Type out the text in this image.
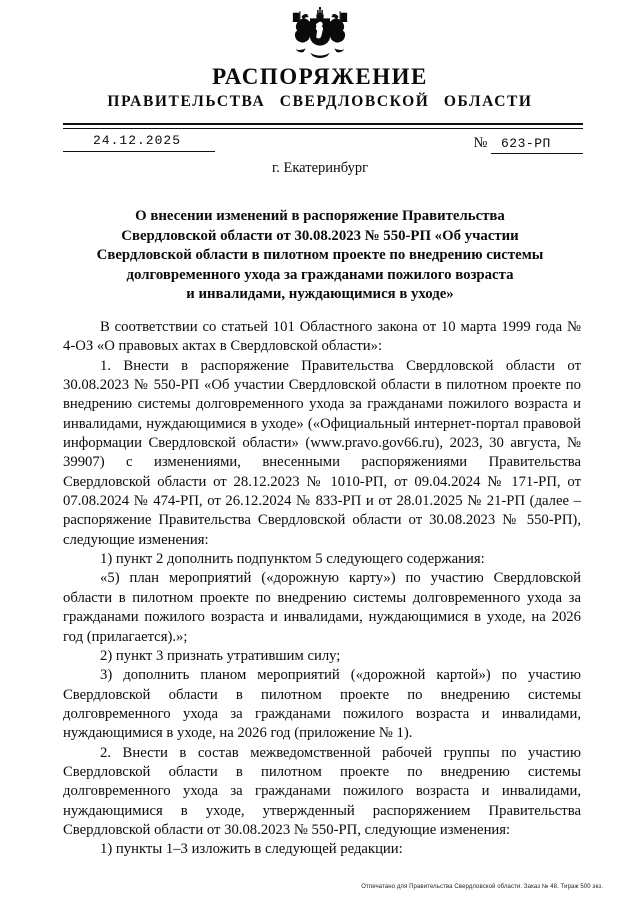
РАСПОРЯЖЕНИЕ
ПРАВИТЕЛЬСТВА СВЕРДЛОВСКОЙ ОБЛАСТИ
24.12.2025	№ 623-РП
г. Екатеринбург
О внесении изменений в распоряжение Правительства
Свердловской области от 30.08.2023 № 550-РП «Об участии
Свердловской области в пилотном проекте по внедрению системы
долговременного ухода за гражданами пожилого возраста
и инвалидами, нуждающимися в уходе»

В соответствии со статьей 101 Областного закона от 10 марта 1999 года № 4-ОЗ «О правовых актах в Свердловской области»:

1. Внести в распоряжение Правительства Свердловской области от 30.08.2023 № 550-РП «Об участии Свердловской области в пилотном проекте по внедрению системы долговременного ухода за гражданами пожилого возраста и инвалидами, нуждающимися в уходе» («Официальный интернет-портал правовой информации Свердловской области» (www.pravo.gov66.ru), 2023, 30 августа, № 39907) с изменениями, внесенными распоряжениями Правительства Свердловской области от 28.12.2023 № 1010-РП, от 09.04.2024 № 171-РП, от 07.08.2024 № 474-РП, от 26.12.2024 № 833-РП и от 28.01.2025 № 21-РП (далее – распоряжение Правительства Свердловской области от 30.08.2023 № 550-РП), следующие изменения:

1) пункт 2 дополнить подпунктом 5 следующего содержания:

«5) план мероприятий («дорожную карту») по участию Свердловской области в пилотном проекте по внедрению системы долговременного ухода за гражданами пожилого возраста и инвалидами, нуждающимися в уходе, на 2026 год (прилагается).»;

2) пункт 3 признать утратившим силу;

3) дополнить планом мероприятий («дорожной картой») по участию Свердловской области в пилотном проекте по внедрению системы долговременного ухода за гражданами пожилого возраста и инвалидами, нуждающимися в уходе, на 2026 год (приложение № 1).

2. Внести в состав межведомственной рабочей группы по участию Свердловской области в пилотном проекте по внедрению системы долговременного ухода за гражданами пожилого возраста и инвалидами, нуждающимися в уходе, утвержденный распоряжением Правительства Свердловской области от 30.08.2023 № 550-РП, следующие изменения:

1) пункты 1–3 изложить в следующей редакции:

Отпечатано для Правительства Свердловской области. Заказ № 48. Тираж 500 экз.
